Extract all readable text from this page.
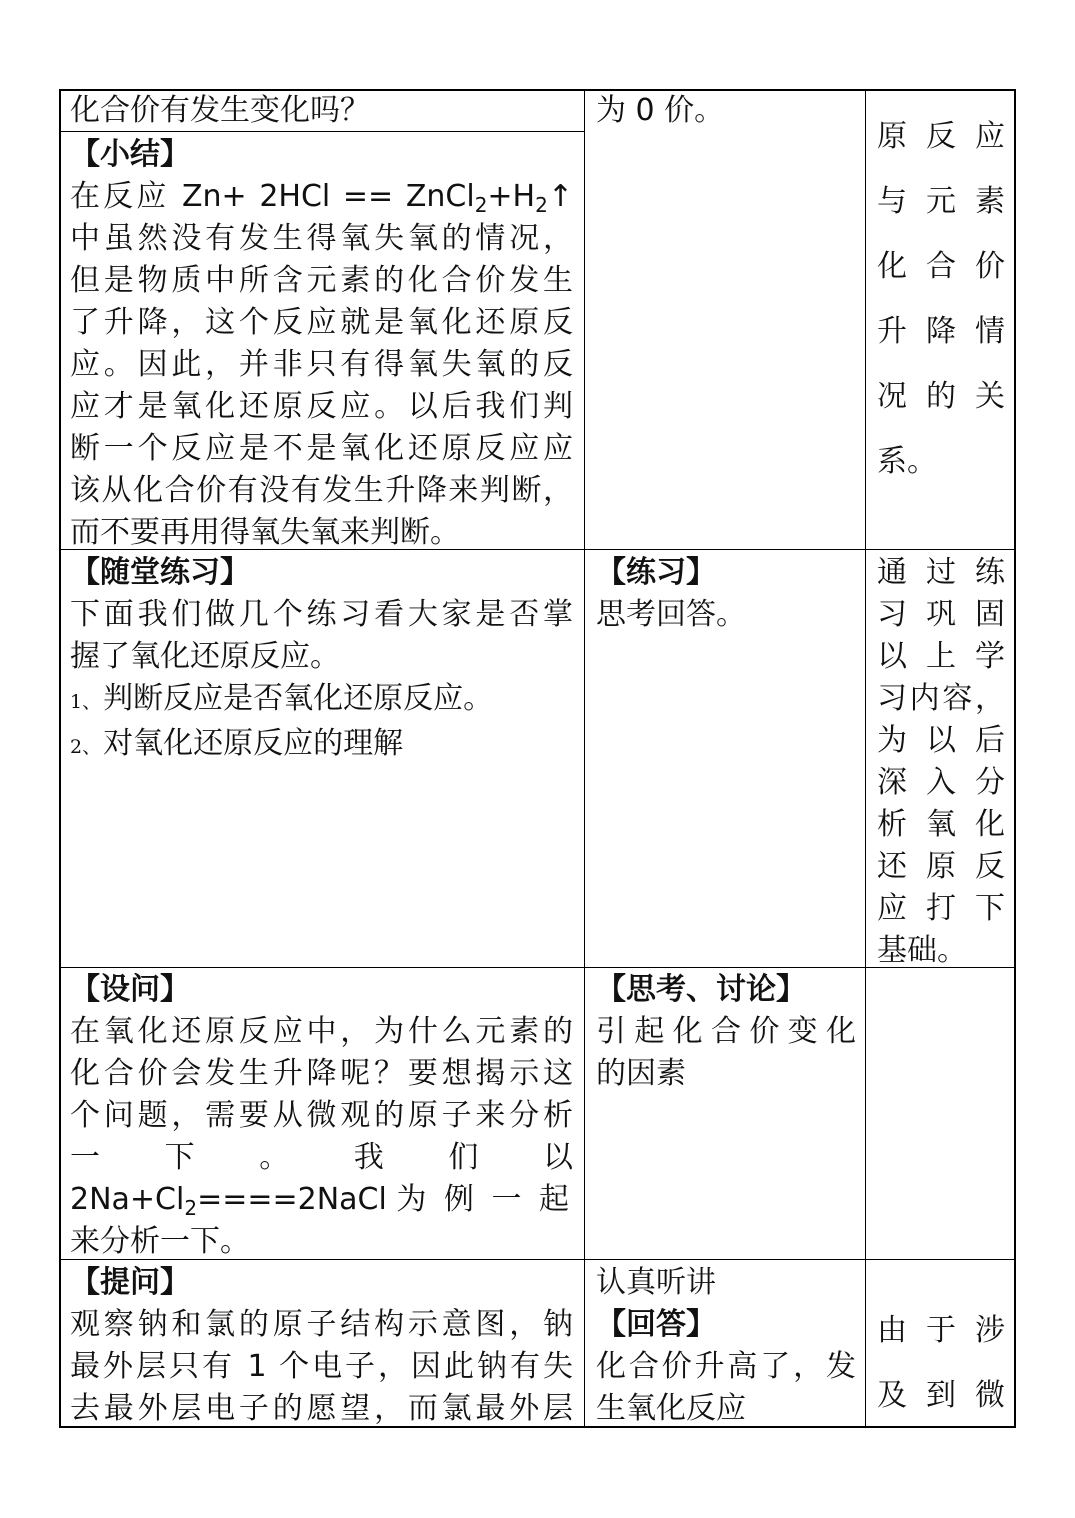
化合价有发生变化吗？
【小结】
在反应 $Zn+ 2HCl == ZnCl_2+H_2↑$
中虽然没有发生得氧失氧的情况，
但是物质中所含元素的化合价发生
了升降，这个反应就是氧化还原反
应。因此，并非只有得氧失氧的反
应才是氧化还原反应。以后我们判
断一个反应是不是氧化还原反应应
该从化合价有没有发生升降来判断，
而不要再用得氧失氧来判断。
为 0 价。
原 反 应
与 元 素
化 合 价
升 降 情
况 的 关
系。
【随堂练习】
下面我们做几个练习看大家是否掌
握了氧化还原反应。
1、判断反应是否氧化还原反应。
2、对氧化还原反应的理解
【练习】
思考回答。
通 过 练
习 巩 固
以 上 学
习内容，
为 以 后
深 入 分
析 氧 化
还 原 反
应 打 下
基础。
【设问】
在氧化还原反应中，为什么元素的
化合价会发生升降呢？要想揭示这
个问题，需要从微观的原子来分析
一 下 。 我 们 以
$2Na+Cl_2====2NaCl$ 为 例 一 起
来分析一下。
【思考、讨论】
引起化合价变化
的因素
【提问】
观察钠和氯的原子结构示意图，钠
最外层只有 1 个电子，因此钠有失
去最外层电子的愿望，而氯最外层
认真听讲
【回答】
化合价升高了，发
生氧化反应
由 于 涉
及 到 微
